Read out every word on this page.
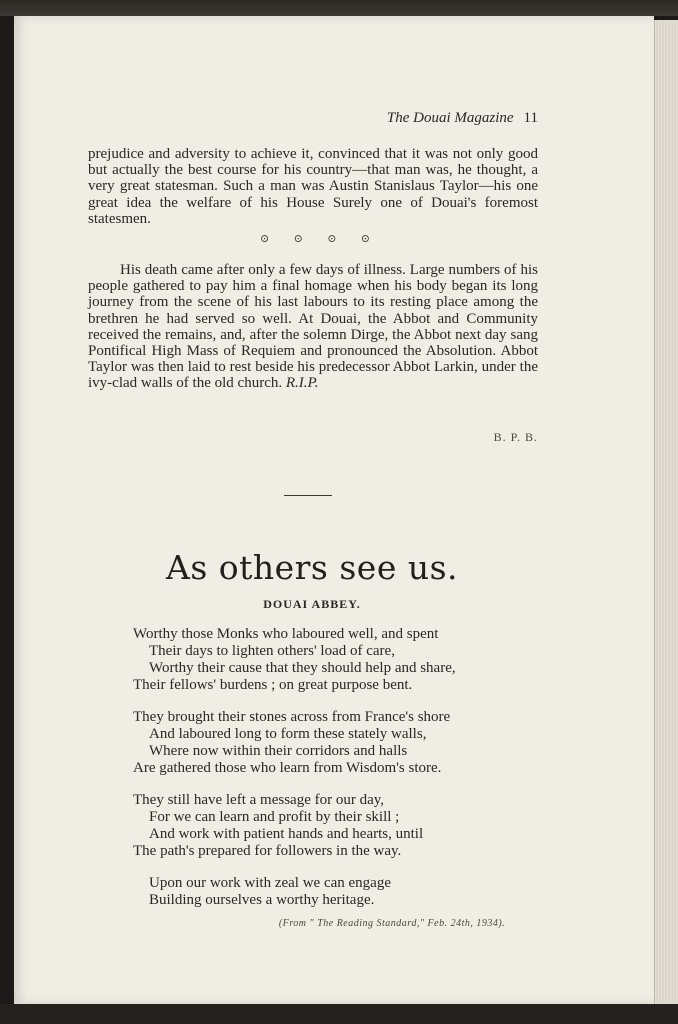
The Douai Magazine 11
prejudice and adversity to achieve it, convinced that it was not only good but actually the best course for his country—that man was, he thought, a very great statesman. Such a man was Austin Stanislaus Taylor—his one great idea the welfare of his House Surely one of Douai's foremost statesmen.
⊙ ⊙ ⊙ ⊙
His death came after only a few days of illness. Large numbers of his people gathered to pay him a final homage when his body began its long journey from the scene of his last labours to its resting place among the brethren he had served so well. At Douai, the Abbot and Community received the remains, and, after the solemn Dirge, the Abbot next day sang Pontifical High Mass of Requiem and pronounced the Absolution. Abbot Taylor was then laid to rest beside his predecessor Abbot Larkin, under the ivy-clad walls of the old church. R.I.P.
B. P. B.
As others see us.
DOUAI ABBEY.
Worthy those Monks who laboured well, and spent
Their days to lighten others' load of care,
Worthy their cause that they should help and share,
Their fellows' burdens ; on great purpose bent.
They brought their stones across from France's shore
And laboured long to form these stately walls,
Where now within their corridors and halls
Are gathered those who learn from Wisdom's store.
They still have left a message for our day,
For we can learn and profit by their skill ;
And work with patient hands and hearts, until
The path's prepared for followers in the way.
Upon our work with zeal we can engage
Building ourselves a worthy heritage.
(From " The Reading Standard," Feb. 24th, 1934).
